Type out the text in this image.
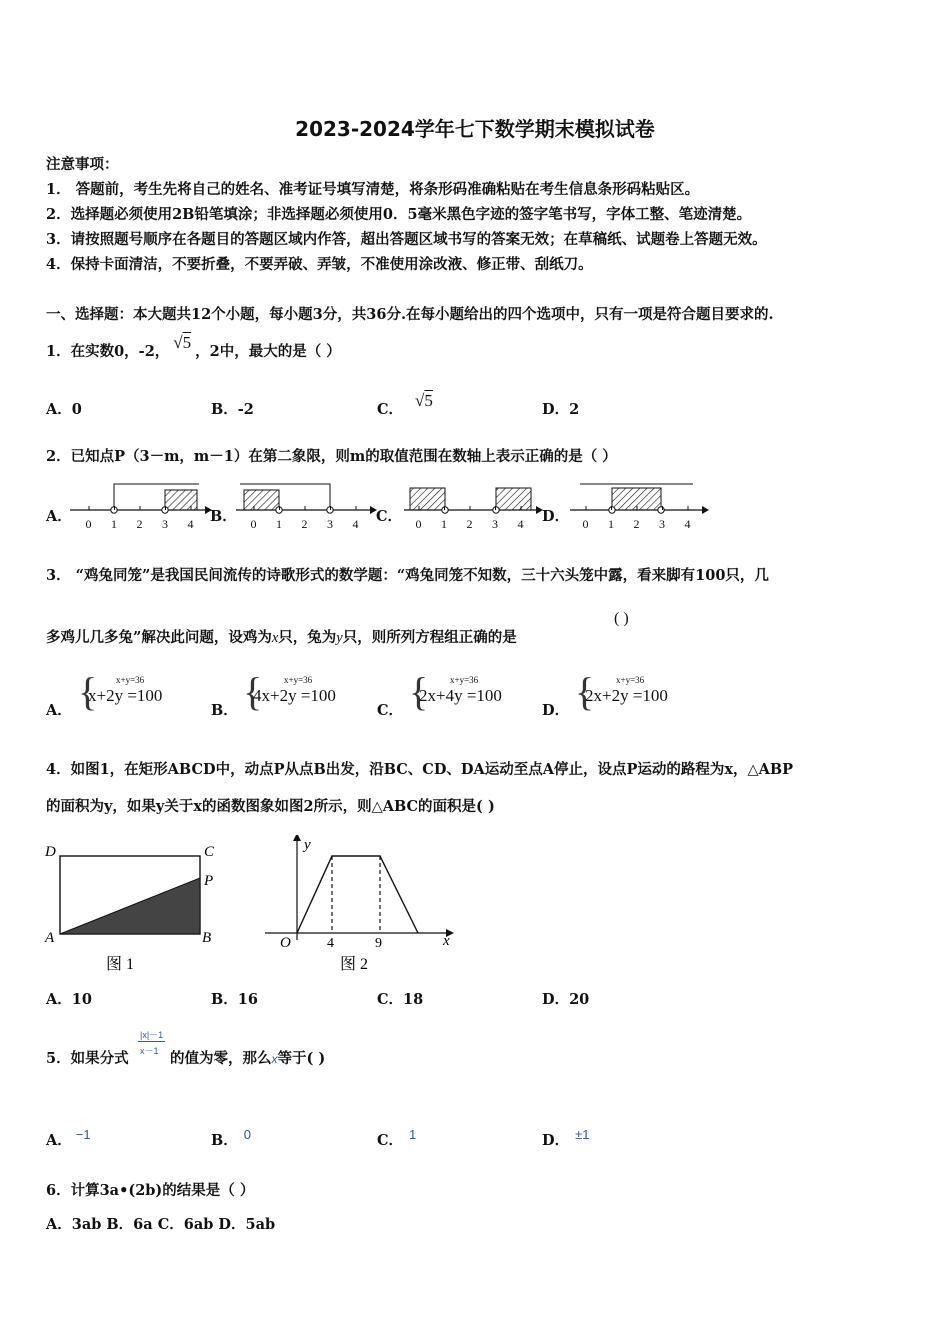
2023-2024学年七下数学期末模拟试卷
注意事项：
1． 答题前，考生先将自己的姓名、准考证号填写清楚，将条形码准确粘贴在考生信息条形码粘贴区。
2．选择题必须使用2B铅笔填涂；非选择题必须使用0．5毫米黑色字迹的签字笔书写，字体工整、笔迹清楚。
3．请按照题号顺序在各题目的答题区域内作答，超出答题区域书写的答案无效；在草稿纸、试题卷上答题无效。
4．保持卡面清洁，不要折叠，不要弄破、弄皱，不准使用涂改液、修正带、刮纸刀。
一、选择题：本大题共12个小题，每小题3分，共36分.在每小题给出的四个选项中，只有一项是符合题目要求的.
1．在实数0，-2， √5 ，2中，最大的是（ ）
A．0	B．-2	C． √5	D．2
2．已知点P（3－m，m－1）在第二象限，则m的取值范围在数轴上表示正确的是（ ）
A．	B．	C．	D．
0 1 2 3 4	0 1 2 3 4	0 1 2 3 4	0 1 2 3 4
3． “鸡兔同笼”是我国民间流传的诗歌形式的数学题：“鸡兔同笼不知数，三十六头笼中露，看来脚有100只，几
多鸡儿几多兔”解决此问题，设鸡为x只，兔为y只，则所列方程组正确的是
( )
A．	B．	C．	D．
{ x+y=36
x+2y =100 { x+y=36
4x+2y =100 { x+y=36
2x+4y =100 { x+y=36
2x+2y =100
4．如图1，在矩形ABCD中，动点P从点B出发，沿BC、CD、DA运动至点A停止，设点P运动的路程为x，△ABP
的面积为y，如果y关于x的函数图象如图2所示，则△ABC的面积是( )
D	C
P
A	B
图 1
y
O	4	9	x
图 2
A．10	B．16	C．18	D．20
5．如果分式
|x|－1
x－1 的值为零，那么x等于( )
A． −1	B． 0	C． 1	D． ±1
6．计算3a•(2b)的结果是（ ）
A．3ab B．6a C．6ab D．5ab
